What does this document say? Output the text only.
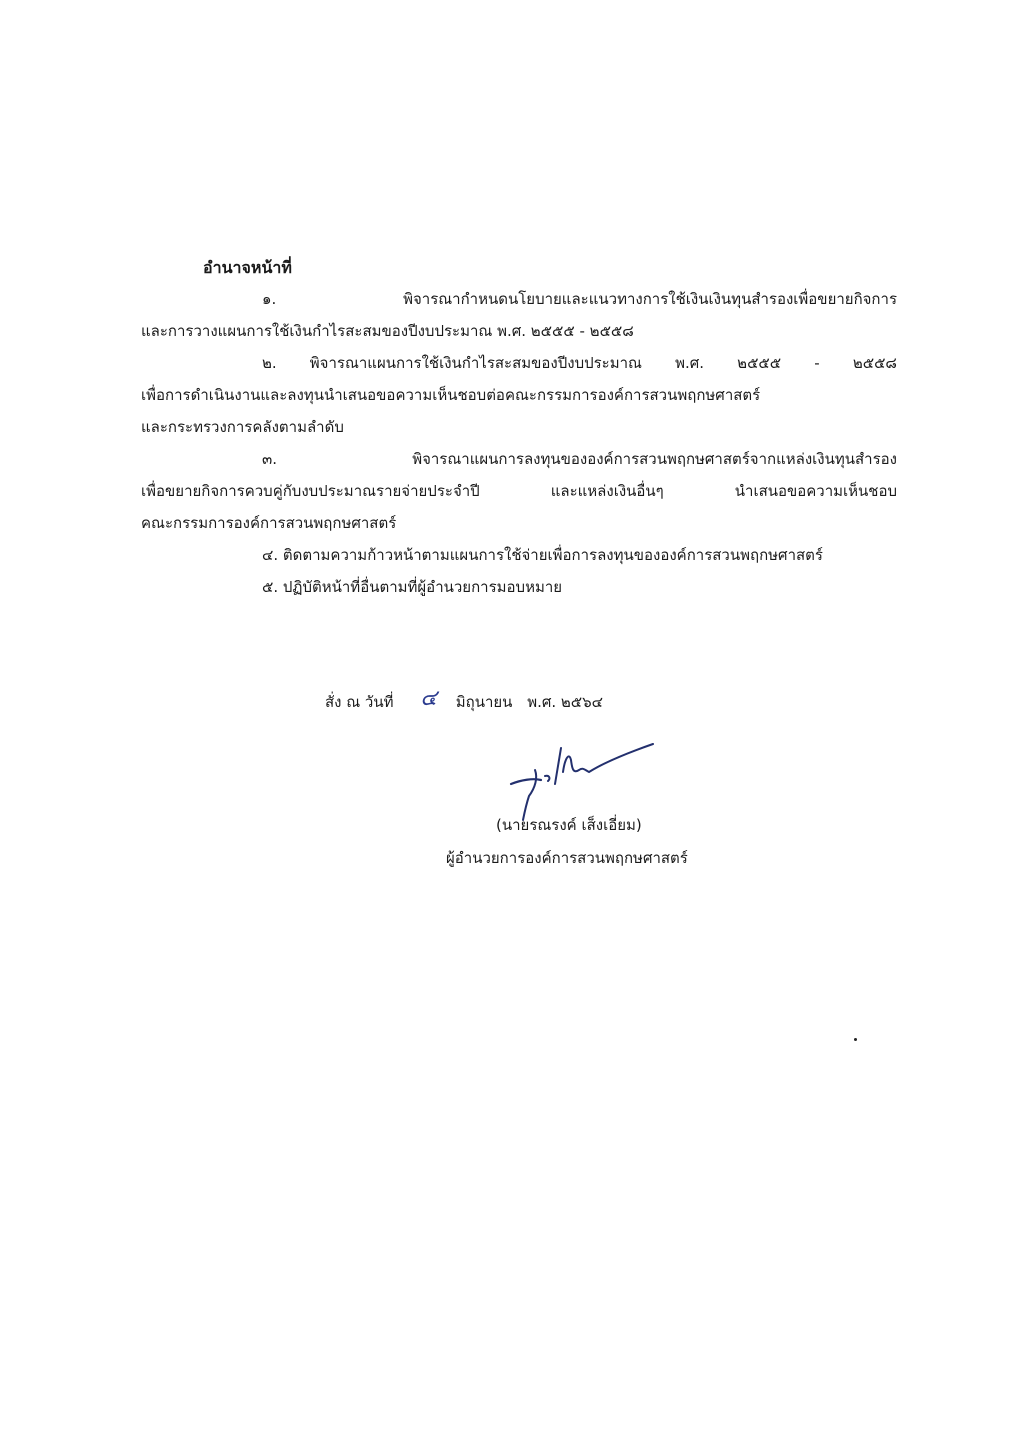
อำนาจหน้าที่
๑. พิจารณากำหนดนโยบายและแนวทางการใช้เงินเงินทุนสำรองเพื่อขยายกิจการ
และการวางแผนการใช้เงินกำไรสะสมของปีงบประมาณ พ.ศ. ๒๕๕๕ - ๒๕๕๘
๒. พิจารณาแผนการใช้เงินกำไรสะสมของปีงบประมาณ พ.ศ. ๒๕๕๕ - ๒๕๕๘
เพื่อการดำเนินงานและลงทุนนำเสนอขอความเห็นชอบต่อคณะกรรมการองค์การสวนพฤกษศาสตร์
และกระทรวงการคลังตามลำดับ
๓. พิจารณาแผนการลงทุนขององค์การสวนพฤกษศาสตร์จากแหล่งเงินทุนสำรอง
เพื่อขยายกิจการควบคู่กับงบประมาณรายจ่ายประจำปี และแหล่งเงินอื่นๆ นำเสนอขอความเห็นชอบ
คณะกรรมการองค์การสวนพฤกษศาสตร์
๔. ติดตามความก้าวหน้าตามแผนการใช้จ่ายเพื่อการลงทุนขององค์การสวนพฤกษศาสตร์
๕. ปฏิบัติหน้าที่อื่นตามที่ผู้อำนวยการมอบหมาย
สั่ง ณ วันที่ ๔ มิถุนายน พ.ศ. ๒๕๖๔
(นายรณรงค์ เส็งเอี่ยม)
ผู้อำนวยการองค์การสวนพฤกษศาสตร์
